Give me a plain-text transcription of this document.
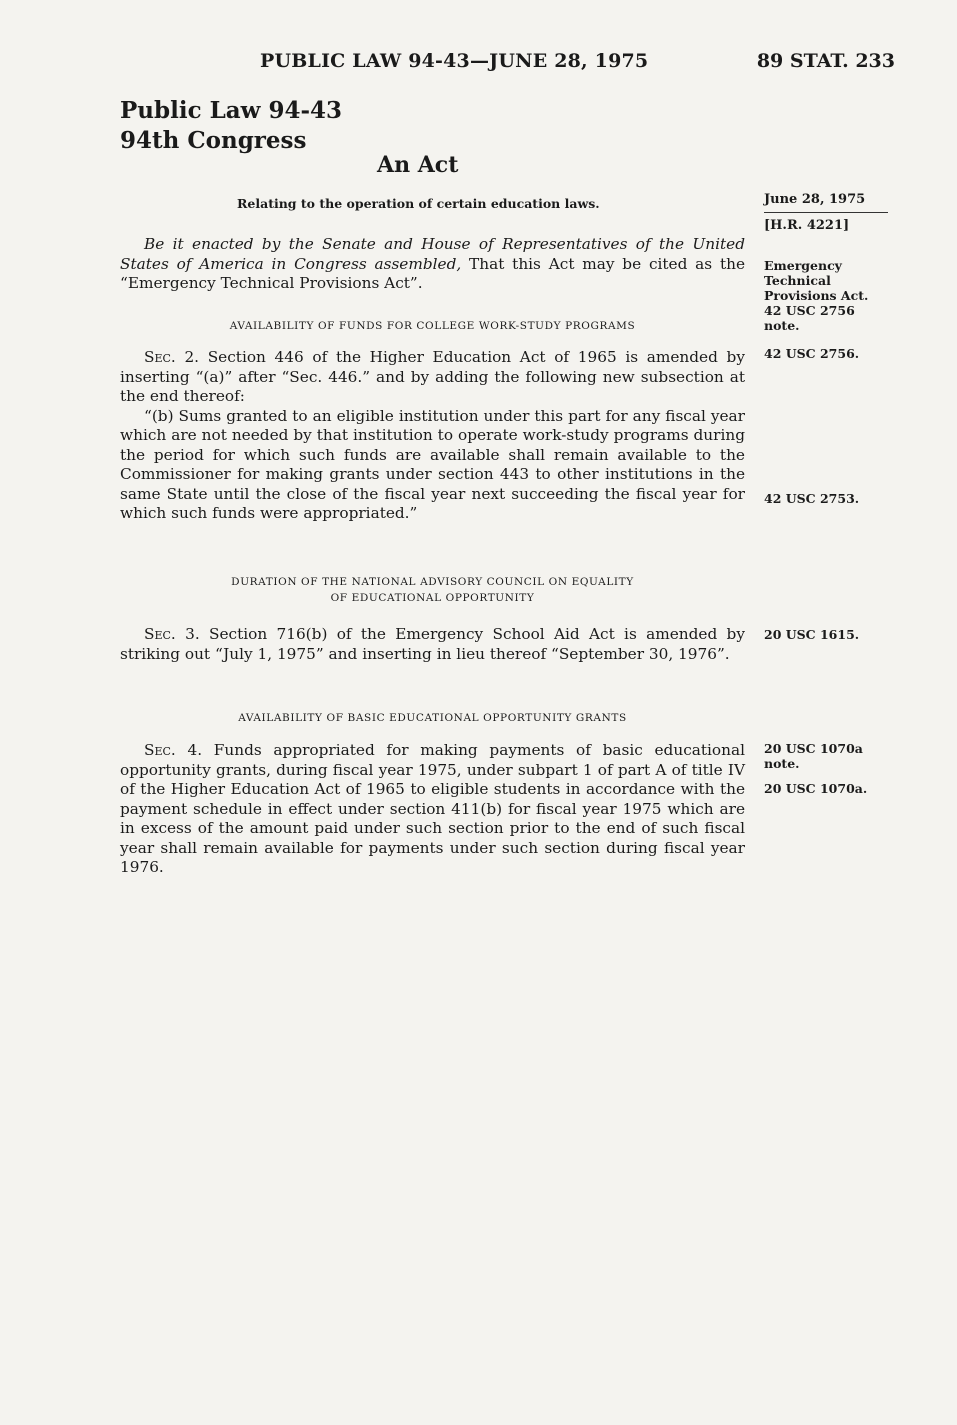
PUBLIC LAW 94-43—JUNE 28, 1975	89 STAT. 233
Public Law 94-43
94th Congress
An Act
Relating to the operation of certain education laws.	June 28, 1975
[H.R. 4221]

Be it enacted by the Senate and House of Representatives of the United States of America in Congress assembled, That this Act may be cited as the “Emergency Technical Provisions Act”.

Emergency
Technical
Provisions Act.
42 USC 2756
note.
AVAILABILITY OF FUNDS FOR COLLEGE WORK-STUDY PROGRAMS

Sec. 2. Section 446 of the Higher Education Act of 1965 is amended by inserting “(a)” after “Sec. 446.” and by adding the following new subsection at the end thereof:

“(b) Sums granted to an eligible institution under this part for any fiscal year which are not needed by that institution to operate work-study programs during the period for which such funds are available shall remain available to the Commissioner for making grants under section 443 to other institutions in the same State until the close of the fiscal year next succeeding the fiscal year for which such funds were appropriated.”

42 USC 2756.
42 USC 2753.
DURATION OF THE NATIONAL ADVISORY COUNCIL ON EQUALITY
OF EDUCATIONAL OPPORTUNITY

Sec. 3. Section 716(b) of the Emergency School Aid Act is amended by striking out “July 1, 1975” and inserting in lieu thereof “September 30, 1976”.

20 USC 1615.
AVAILABILITY OF BASIC EDUCATIONAL OPPORTUNITY GRANTS

Sec. 4. Funds appropriated for making payments of basic educational opportunity grants, during fiscal year 1975, under subpart 1 of part A of title IV of the Higher Education Act of 1965 to eligible students in accordance with the payment schedule in effect under section 411(b) for fiscal year 1975 which are in excess of the amount paid under such section prior to the end of such fiscal year shall remain available for payments under such section during fiscal year 1976.

20 USC 1070a
note.
20 USC 1070a.
